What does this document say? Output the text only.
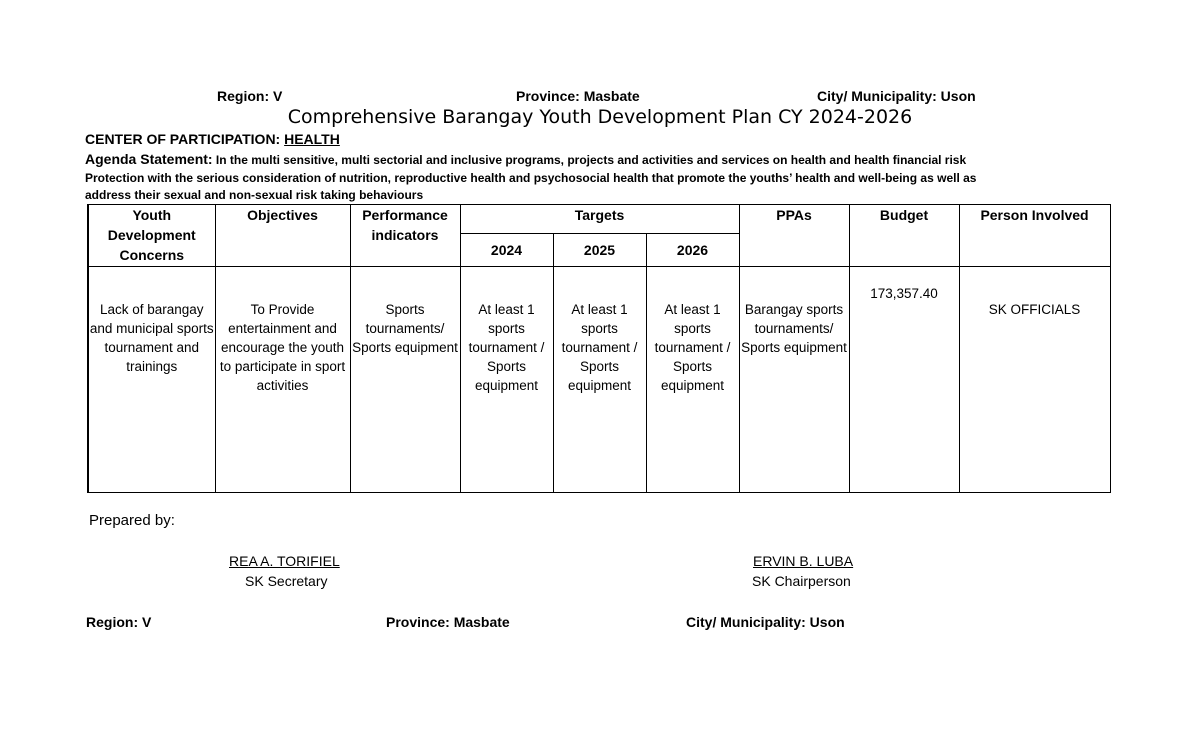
Region: V	Province: Masbate	City/ Municipality: Uson
Comprehensive Barangay Youth Development Plan CY 2024-2026
CENTER OF PARTICIPATION: HEALTH
Agenda Statement: In the multi sensitive, multi sectorial and inclusive programs, projects and activities and services on health and health financial risk Protection with the serious consideration of nutrition, reproductive health and psychosocial health that promote the youths’ health and well-being as well as address their sexual and non-sexual risk taking behaviours
Youth Development Concerns	Objectives	Performance indicators	Targets			PPAs	Budget	Person Involved
			2024	2025	2026			
Lack of barangay and municipal sports tournament and trainings	To Provide entertainment and encourage the youth to participate in sport activities	Sports tournaments/ Sports equipment	At least 1 sports tournament / Sports equipment	At least 1 sports tournament / Sports equipment	At least 1 sports tournament / Sports equipment	Barangay sports tournaments/ Sports equipment	173,357.40	SK OFFICIALS
Prepared by:
REA A. TORIFIEL
SK Secretary
ERVIN B. LUBA
SK Chairperson
Region: V	Province: Masbate	City/ Municipality: Uson
